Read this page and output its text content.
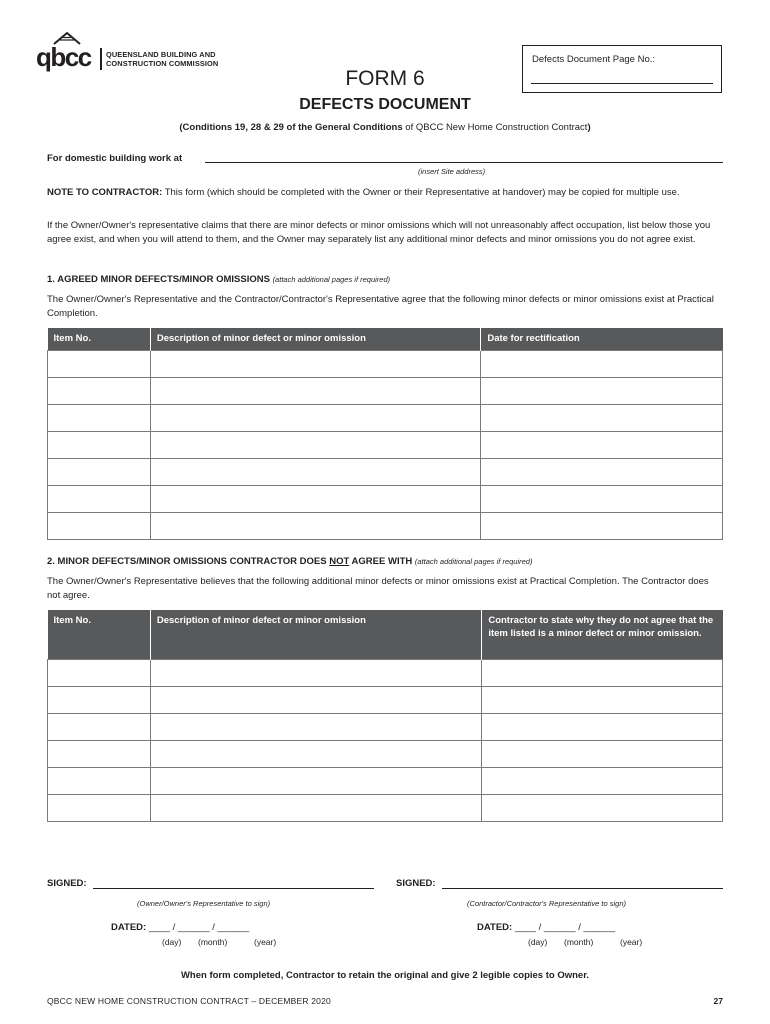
qbcc QUEENSLAND BUILDING AND
CONSTRUCTION COMMISSION	Defects Document Page No.:
FORM 6
DEFECTS DOCUMENT
(Conditions 19, 28 & 29 of the General Conditions of QBCC New Home Construction Contract)
For domestic building work at
(insert Site address)
NOTE TO CONTRACTOR: This form (which should be completed with the Owner or their Representative at handover) may be copied for multiple use.
If the Owner/Owner's representative claims that there are minor defects or minor omissions which will not unreasonably affect occupation, list below those you agree exist, and when you will attend to them, and the Owner may separately list any additional minor defects and minor omissions you do not agree exist.
1. AGREED MINOR DEFECTS/MINOR OMISSIONS (attach additional pages if required)
The Owner/Owner's Representative and the Contractor/Contractor's Representative agree that the following minor defects or minor omissions exist at Practical Completion.
Item No.	Description of minor defect or minor omission	Date for rectification

2. MINOR DEFECTS/MINOR OMISSIONS CONTRACTOR DOES NOT AGREE WITH (attach additional pages if required)
The Owner/Owner's Representative believes that the following additional minor defects or minor omissions exist at Practical Completion. The Contractor does not agree.
Item No.	Description of minor defect or minor omission	Contractor to state why they do not agree that the item listed is a minor defect or minor omission.

SIGNED:
(Owner/Owner's Representative to sign)
SIGNED:
(Contractor/Contractor's Representative to sign)
DATED: ____ / ______ / ______
(day) (month)	(year)
DATED: ____ / ______ / ______
(day) (month)	(year)
When form completed, Contractor to retain the original and give 2 legible copies to Owner.
QBCC NEW HOME CONSTRUCTION CONTRACT – DECEMBER 2020	27
